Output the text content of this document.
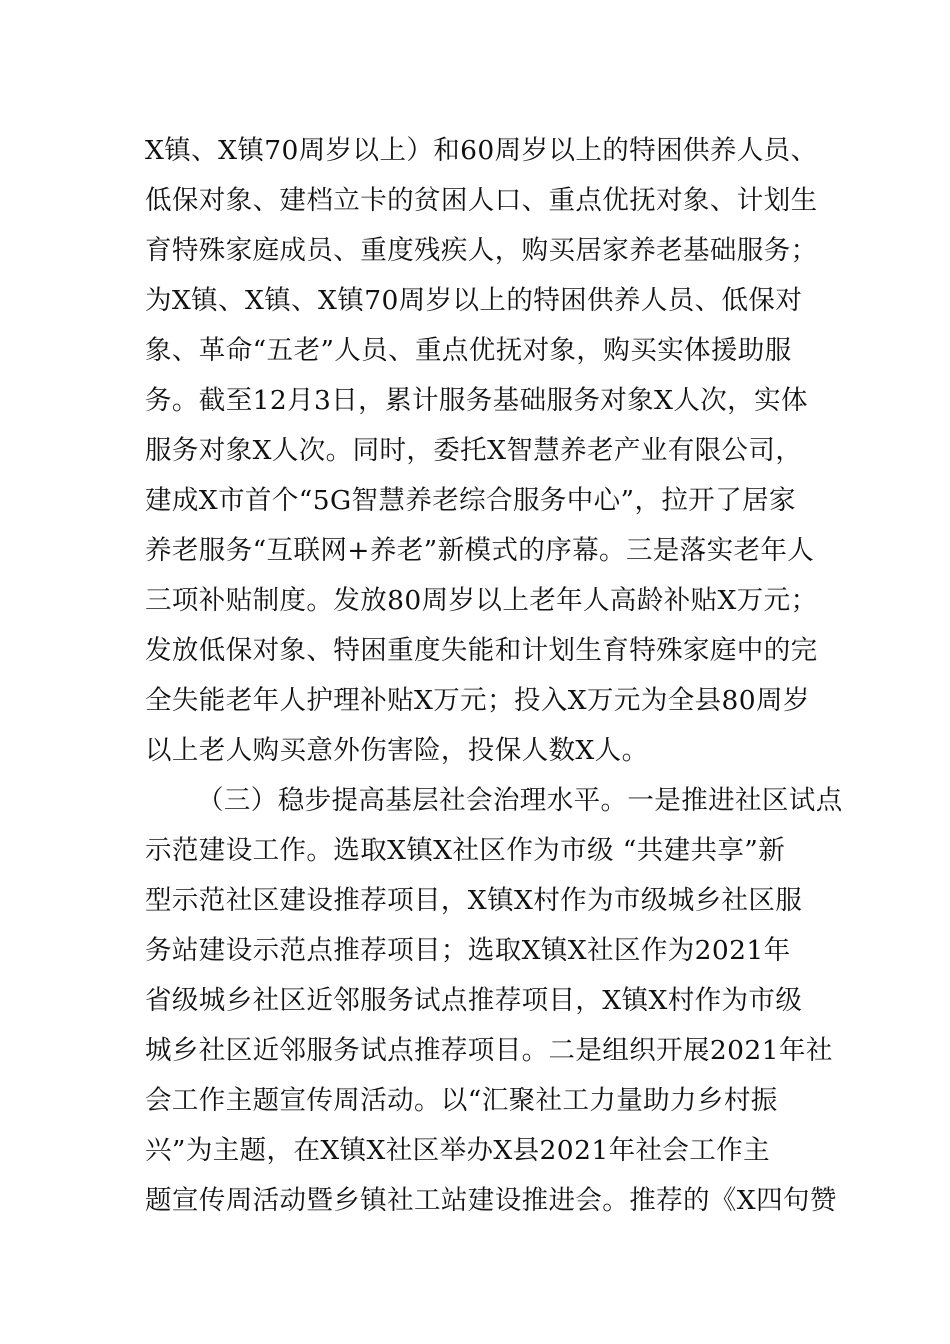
X镇、X镇70周岁以上）和60周岁以上的特困供养人员、
低保对象、建档立卡的贫困人口、重点优抚对象、计划生
育特殊家庭成员、重度残疾人，购买居家养老基础服务；
为X镇、X镇、X镇70周岁以上的特困供养人员、低保对
象、革命“五老”人员、重点优抚对象，购买实体援助服
务。截至12月3日，累计服务基础服务对象X人次，实体
服务对象X人次。同时，委托X智慧养老产业有限公司，
建成X市首个“5G智慧养老综合服务中心”，拉开了居家
养老服务“互联网+养老”新模式的序幕。三是落实老年人
三项补贴制度。发放80周岁以上老年人高龄补贴X万元；
发放低保对象、特困重度失能和计划生育特殊家庭中的完
全失能老年人护理补贴X万元；投入X万元为全县80周岁
以上老人购买意外伤害险，投保人数X人。
（三）稳步提高基层社会治理水平。一是推进社区试点
示范建设工作。选取X镇X社区作为市级 “共建共享”新
型示范社区建设推荐项目，X镇X村作为市级城乡社区服
务站建设示范点推荐项目；选取X镇X社区作为2021年
省级城乡社区近邻服务试点推荐项目，X镇X村作为市级
城乡社区近邻服务试点推荐项目。二是组织开展2021年社
会工作主题宣传周活动。以“汇聚社工力量助力乡村振
兴”为主题，在X镇X社区举办X县2021年社会工作主
题宣传周活动暨乡镇社工站建设推进会。推荐的《X四句赞
